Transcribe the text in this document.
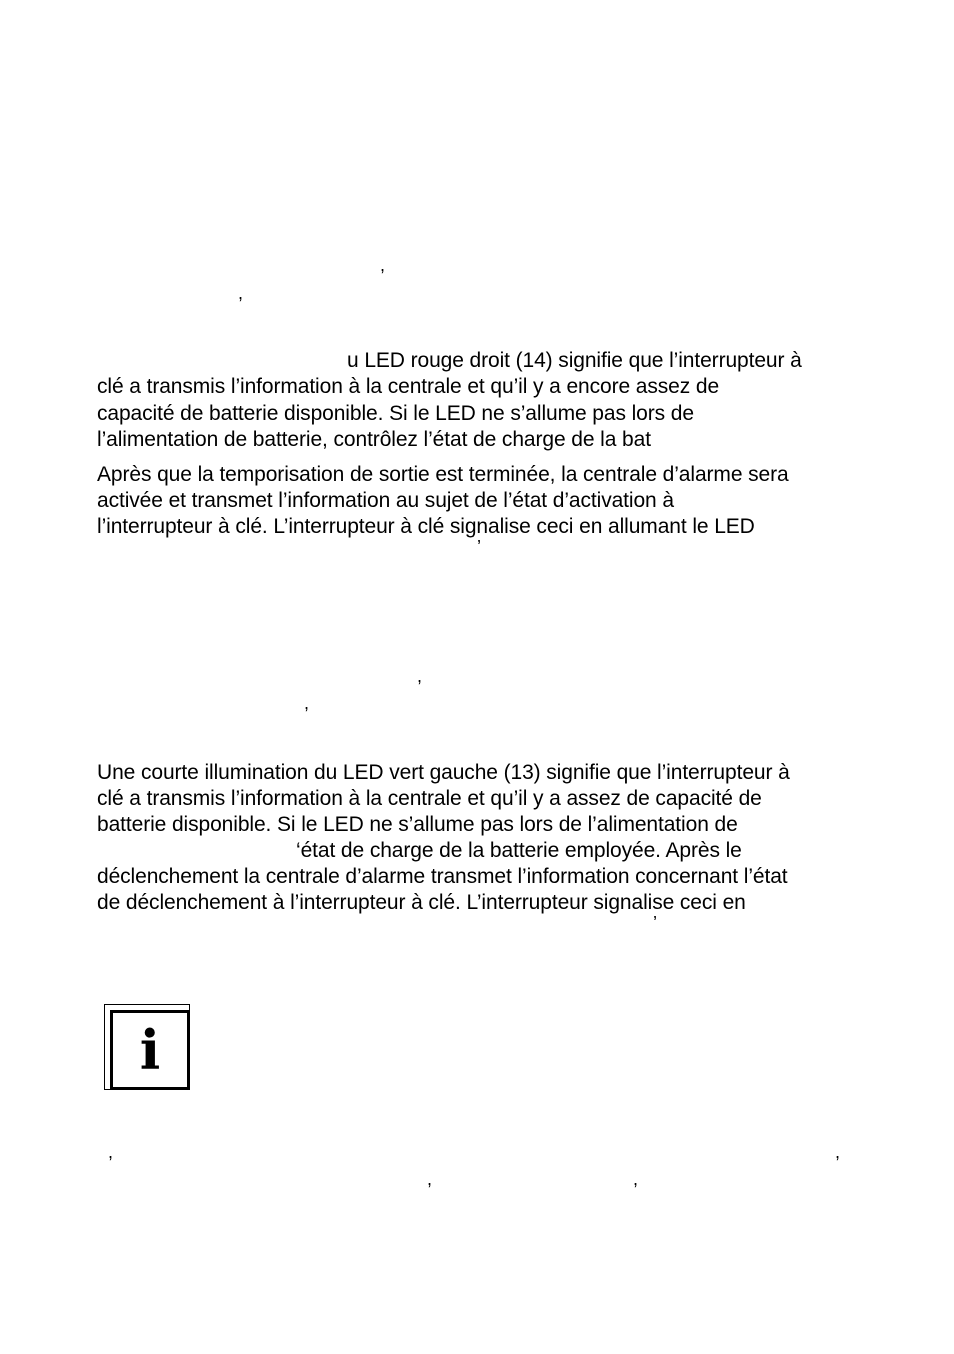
,
,
u LED rouge droit (14) signifie que l’interrupteur à
clé a transmis l’information à la centrale et qu’il y a encore assez de
capacité de batterie disponible. Si le LED ne s’allume pas lors de
l’alimentation de batterie, contrôlez l’état de charge de la bat
Après que la temporisation de sortie est terminée, la centrale d’alarme sera
activée et transmet l’information au sujet de l’état d’activation à
l’interrupteur à clé. L’interrupteur à clé signalise ceci en allumant le LED
’
,
,
Une courte illumination du LED vert gauche (13) signifie que l’interrupteur à
clé a transmis l’information à la centrale et qu’il y a assez de capacité de
batterie disponible. Si le LED ne s’allume pas lors de l’alimentation de
‘état de charge de la batterie employée. Après le
déclenchement la centrale d’alarme transmet l’information concernant l’état
de déclenchement à l’interrupteur à clé. L’interrupteur signalise ceci en
’
i
,	,
,	,
